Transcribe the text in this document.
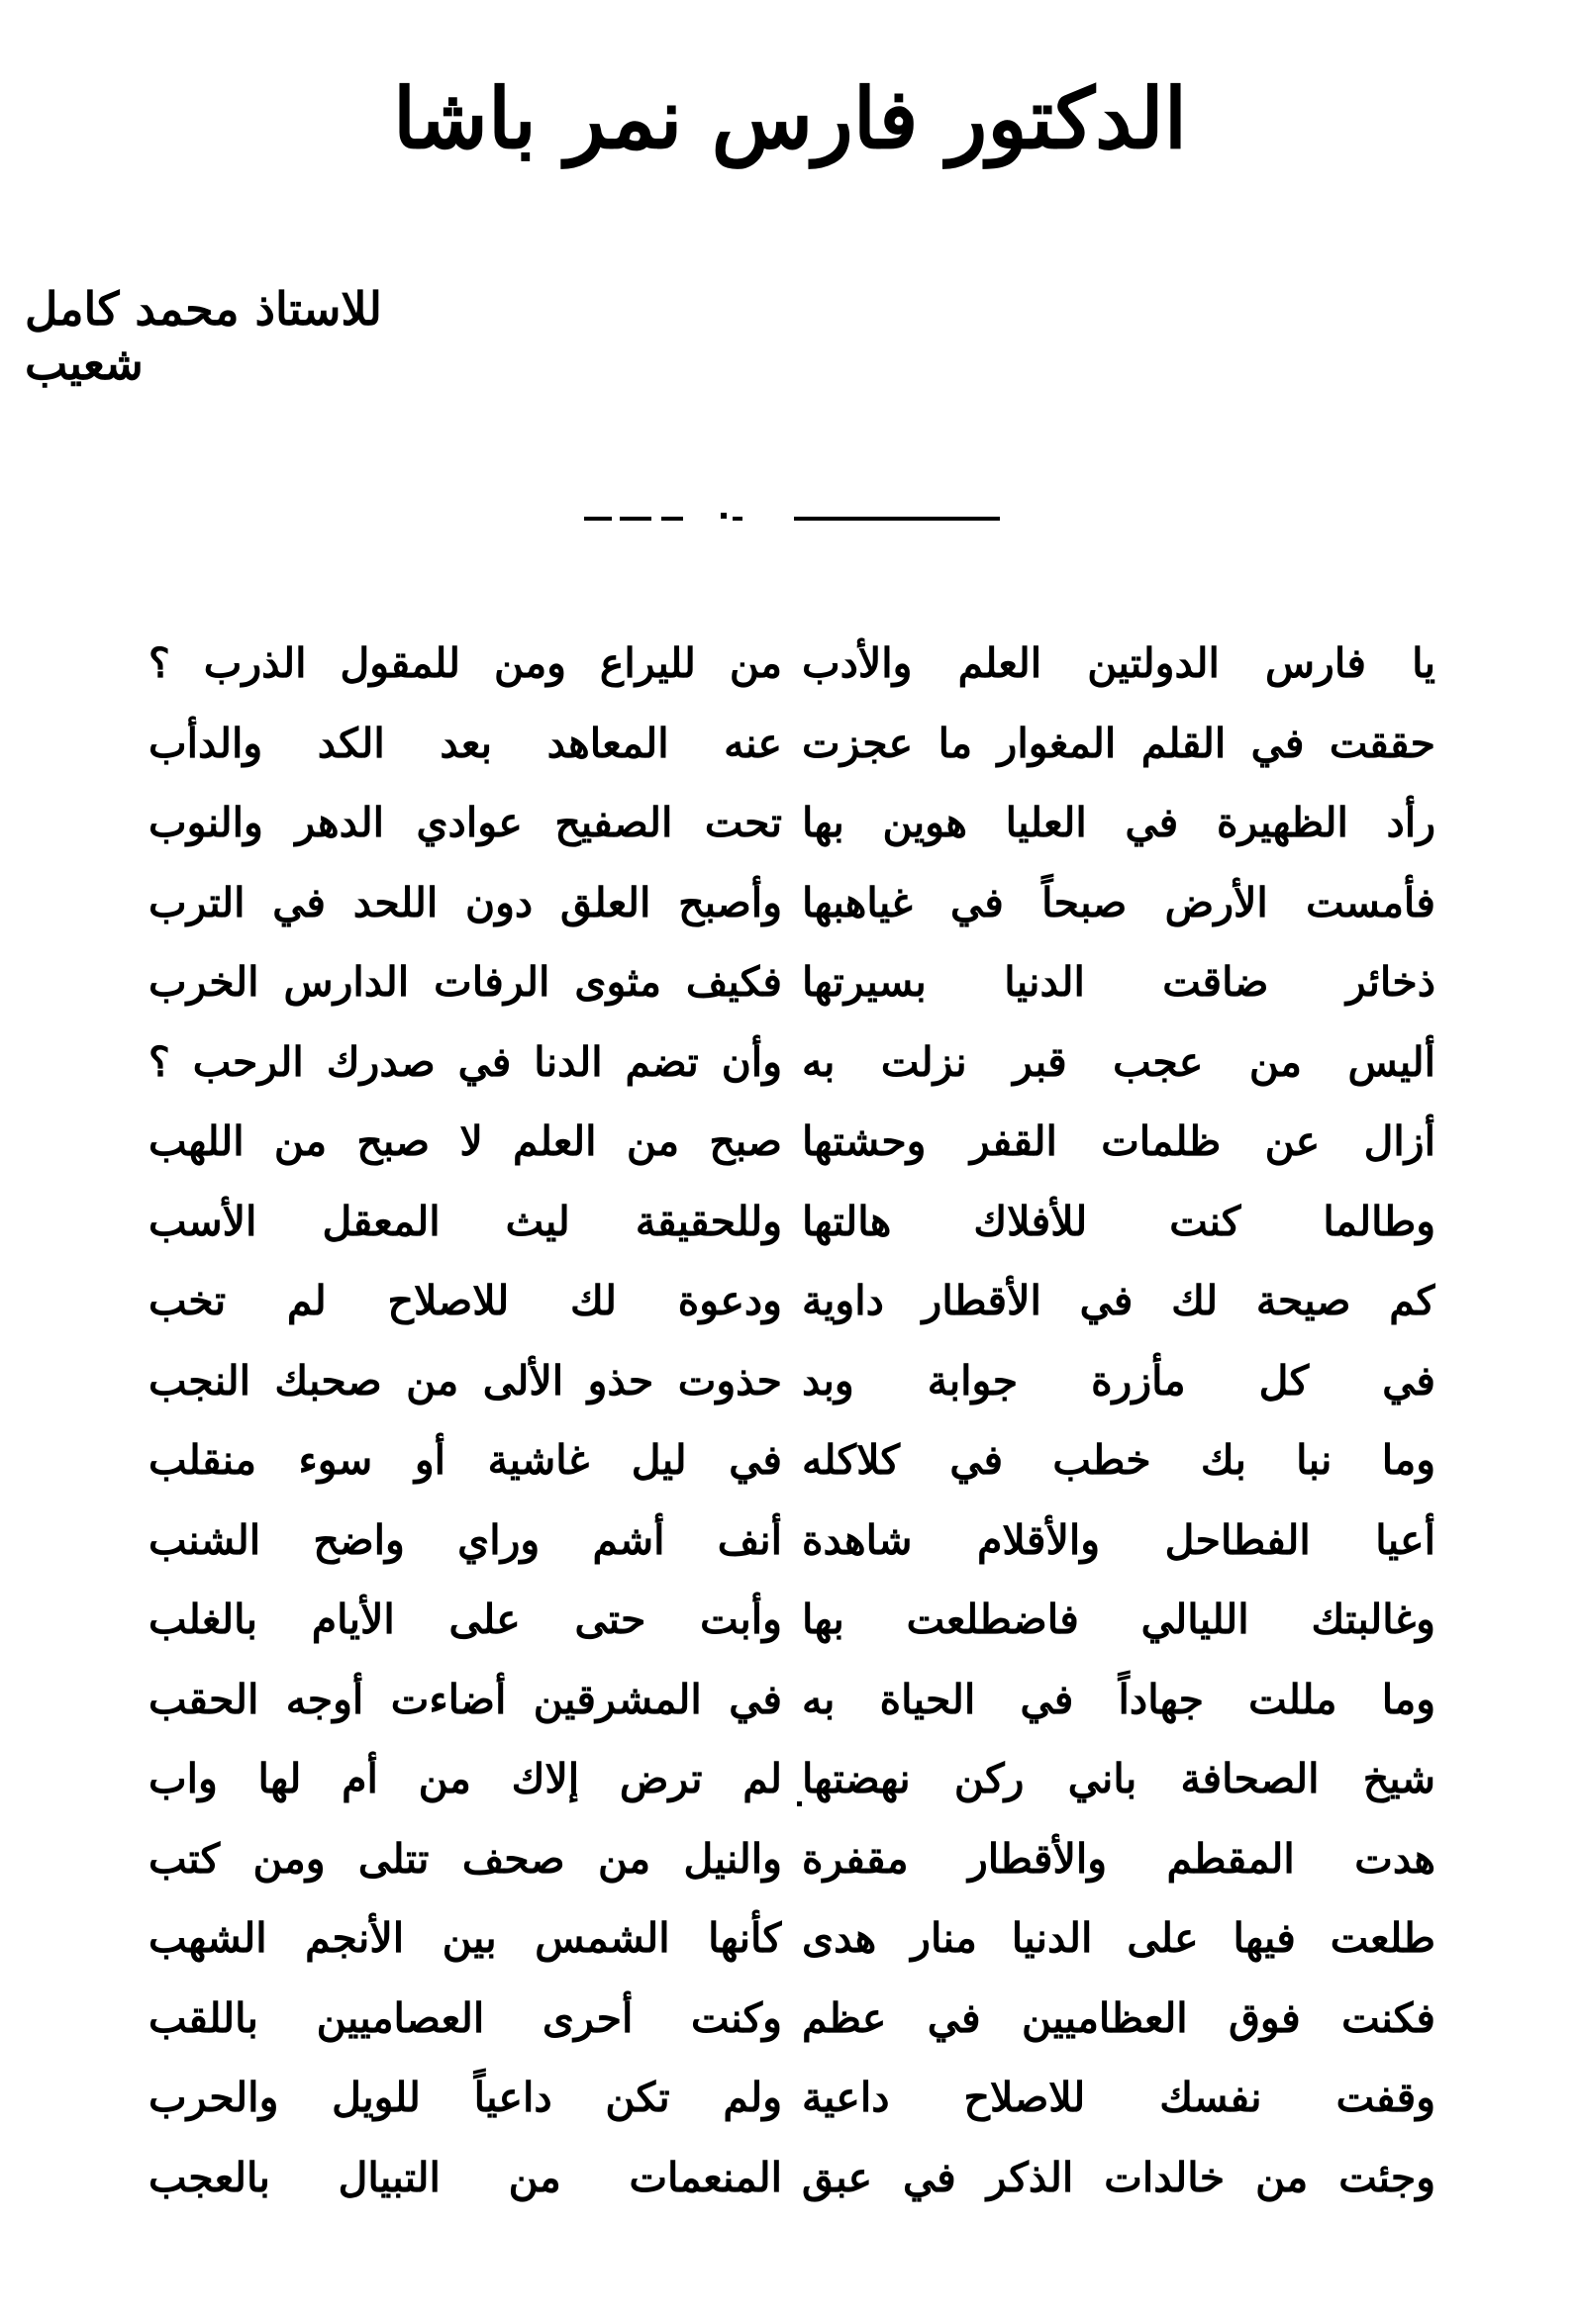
الدكتور فارس نمر باشا
للاستاذ محمد كامل شعيب
يا فارس الدولتين العلم والأدب
حققت في القلم المغوار ما عجزت
رأد الظهيرة في العليا هوين بها
فأمست الأرض صبحاً في غياهبها
ذخائر ضاقت الدنيا بسيرتها
أليس من عجب قبر نزلت به
أزال عن ظلمات القفر وحشتها
وطالما كنت للأفلاك هالتها
كم صيحة لك في الأقطار داوية
في كل مأزرة جوابة وبد
وما نبا بك خطب في كلاكله
أعيا الفطاحل والأقلام شاهدة
وغالبتك الليالي فاضطلعت بها
وما مللت جهاداً في الحياة به
شيخ الصحافة باني ركن نهضتها
هدت المقطم والأقطار مقفرة
طلعت فيها على الدنيا منار هدى
فكنت فوق العظاميين في عظم
وقفت نفسك للاصلاح داعية
وجئت من خالدات الذكر في عبق
من لليراع ومن للمقول الذرب ؟
عنه المعاهد بعد الكد والدأب
تحت الصفيح عوادي الدهر والنوب
وأصبح العلق دون اللحد في الترب
فكيف مثوى الرفات الدارس الخرب
وأن تضم الدنا في صدرك الرحب ؟
صبح من العلم لا صبح من اللهب
وللحقيقة ليث المعقل الأسب
ودعوة لك للاصلاح لم تخب
حذوت حذو الألى من صحبك النجب
في ليل غاشية أو سوء منقلب
أنف أشم وراي واضح الشنب
وأبت حتى على الأيام بالغلب
في المشرقين أضاءت أوجه الحقب
لم ترض إلاك من أم لها واب
والنيل من صحف تتلى ومن كتب
كأنها الشمس بين الأنجم الشهب
وكنت أحرى العصاميين باللقب
ولم تكن داعياً للويل والحرب
المنعمات من التبيال بالعجب
